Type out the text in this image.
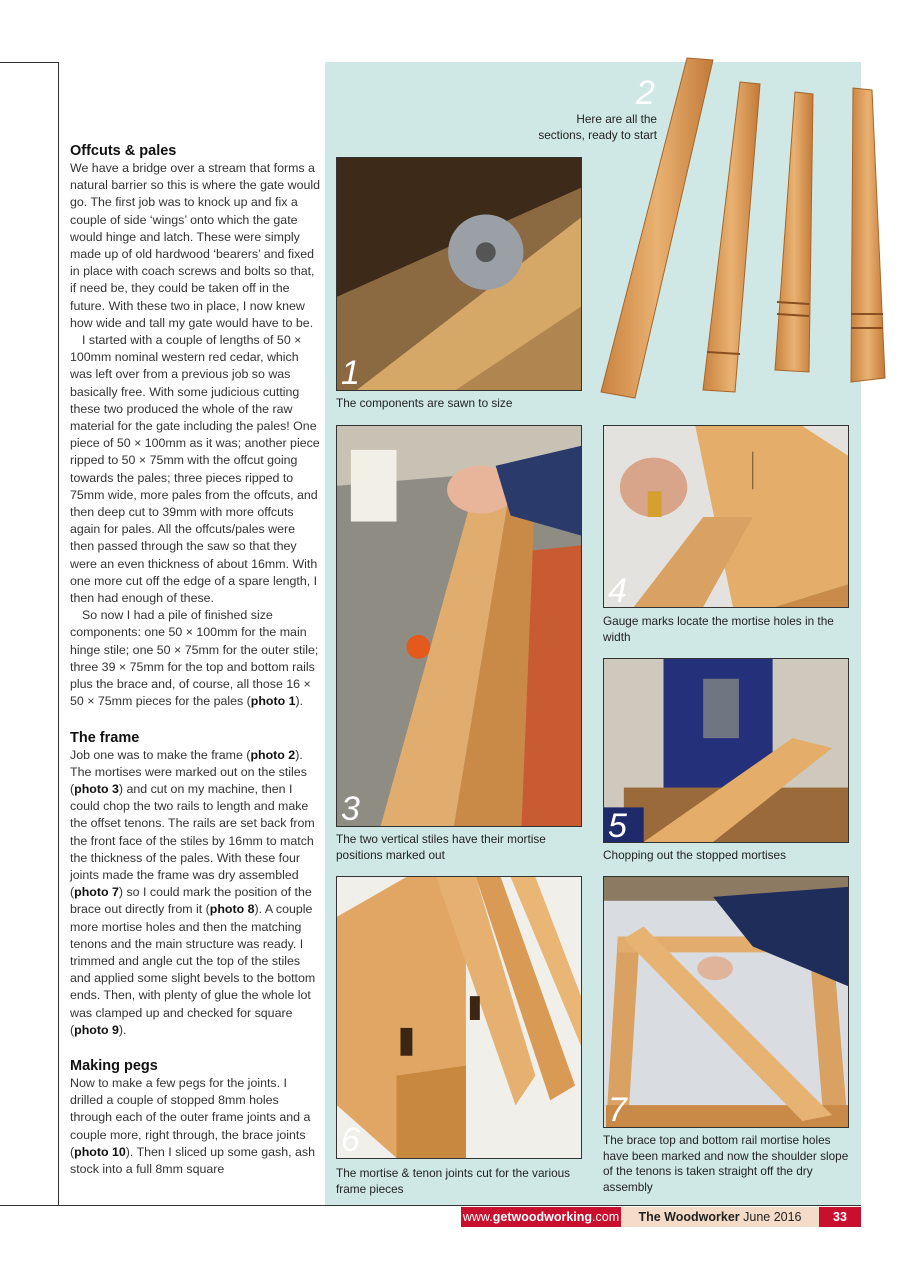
Offcuts & pales

We have a bridge over a stream that forms a natural barrier so this is where the gate would go. The first job was to knock up and fix a couple of side ‘wings’ onto which the gate would hinge and latch. These were simply made up of old hardwood ‘bearers’ and fixed in place with coach screws and bolts so that, if need be, they could be taken off in the future. With these two in place, I now knew how wide and tall my gate would have to be.

I started with a couple of lengths of 50 × 100mm nominal western red cedar, which was left over from a previous job so was basically free. With some judicious cutting these two produced the whole of the raw material for the gate including the pales! One piece of 50 × 100mm as it was; another piece ripped to 50 × 75mm with the offcut going towards the pales; three pieces ripped to 75mm wide, more pales from the offcuts, and then deep cut to 39mm with more offcuts again for pales. All the offcuts/pales were then passed through the saw so that they were an even thickness of about 16mm. With one more cut off the edge of a spare length, I then had enough of these.

So now I had a pile of finished size components: one 50 × 100mm for the main hinge stile; one 50 × 75mm for the outer stile; three 39 × 75mm for the top and bottom rails plus the brace and, of course, all those 16 × 50 × 75mm pieces for the pales (photo 1).

The frame

Job one was to make the frame (photo 2). The mortises were marked out on the stiles (photo 3) and cut on my machine, then I could chop the two rails to length and make the offset tenons. The rails are set back from the front face of the stiles by 16mm to match the thickness of the pales. With these four joints made the frame was dry assembled (photo 7) so I could mark the position of the brace out directly from it (photo 8). A couple more mortise holes and then the matching tenons and the main structure was ready. I trimmed and angle cut the top of the stiles and applied some slight bevels to the bottom ends. Then, with plenty of glue the whole lot was clamped up and checked for square (photo 9).

Making pegs

Now to make a few pegs for the joints. I drilled a couple of stopped 8mm holes through each of the outer frame joints and a couple more, right through, the brace joints (photo 10). Then I sliced up some gash, ash stock into a full 8mm square

2
Here are all the sections, ready to start
1
The components are sawn to size
3
The two vertical stiles have their mortise positions marked out
4
Gauge marks locate the mortise holes in the width
5
Chopping out the stopped mortises
6
The mortise & tenon joints cut for the various frame pieces
7
The brace top and bottom rail mortise holes have been marked and now the shoulder slope of the tenons is taken straight off the dry assembly
www.getwoodworking.com	The Woodworker June 2016	33
